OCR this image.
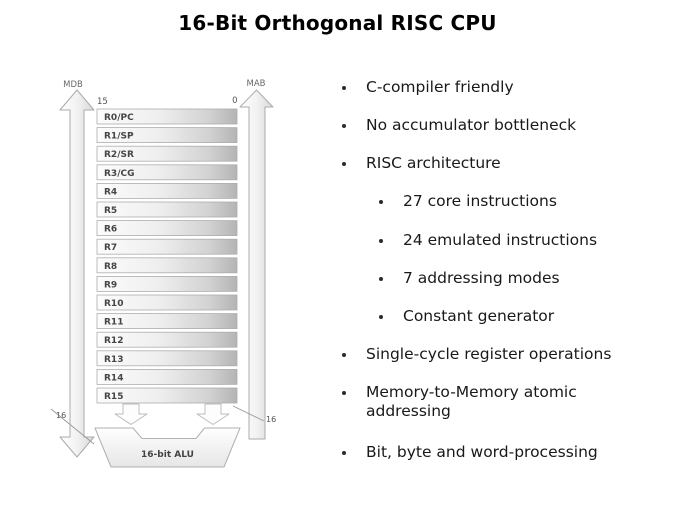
16-Bit Orthogonal RISC CPU
MDB	MAB
15	0
R0/PC
R1/SP
R2/SR
R3/CG
R4
R5
R6
R7
R8
R9
R10
R11
R12
R13
R14
R15
16	16
16-bit ALU
C-compiler friendly
No accumulator bottleneck
RISC architecture
27 core instructions
24 emulated instructions
7 addressing modes
Constant generator
Single-cycle register operations
Memory-to-Memory atomic addressing
Bit, byte and word-processing
